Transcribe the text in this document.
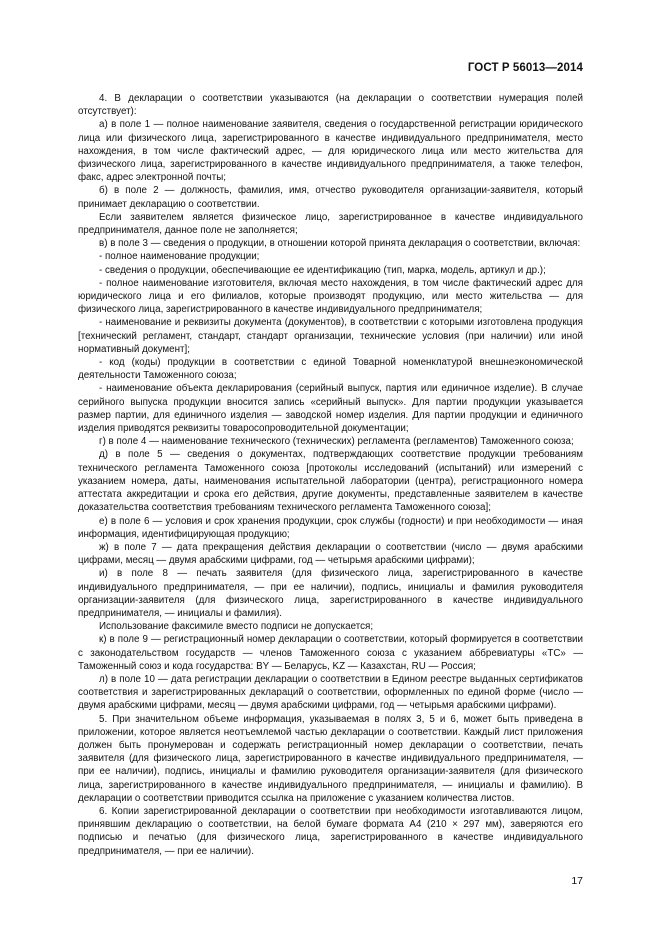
ГОСТ Р 56013—2014

4. В декларации о соответствии указываются (на декларации о соответствии нумерация полей отсутствует):

а) в поле 1 — полное наименование заявителя, сведения о государственной регистрации юридического лица или физического лица, зарегистрированного в качестве индивидуального предпринимателя, место нахождения, в том числе фактический адрес, — для юридического лица или место жительства для физического лица, зарегистрированного в качестве индивидуального предпринимателя, а также телефон, факс, адрес электронной почты;

б) в поле 2 — должность, фамилия, имя, отчество руководителя организации-заявителя, который принимает декларацию о соответствии.

Если заявителем является физическое лицо, зарегистрированное в качестве индивидуального предпринимателя, данное поле не заполняется;

в) в поле 3 — сведения о продукции, в отношении которой принята декларация о соответствии, включая:

- полное наименование продукции;

- сведения о продукции, обеспечивающие ее идентификацию (тип, марка, модель, артикул и др.);

- полное наименование изготовителя, включая место нахождения, в том числе фактический адрес для юридического лица и его филиалов, которые производят продукцию, или место жительства — для физического лица, зарегистрированного в качестве индивидуального предпринимателя;

- наименование и реквизиты документа (документов), в соответствии с которыми изготовлена продукция [технический регламент, стандарт, стандарт организации, технические условия (при наличии) или иной нормативный документ];

- код (коды) продукции в соответствии с единой Товарной номенклатурой внешнеэкономической деятельности Таможенного союза;

- наименование объекта декларирования (серийный выпуск, партия или единичное изделие). В случае серийного выпуска продукции вносится запись «серийный выпуск». Для партии продукции указывается размер партии, для единичного изделия — заводской номер изделия. Для партии продукции и единичного изделия приводятся реквизиты товаросопроводительной документации;

г) в поле 4 — наименование технического (технических) регламента (регламентов) Таможенного союза;

д) в поле 5 — сведения о документах, подтверждающих соответствие продукции требованиям технического регламента Таможенного союза [протоколы исследований (испытаний) или измерений с указанием номера, даты, наименования испытательной лаборатории (центра), регистрационного номера аттестата аккредитации и срока его действия, другие документы, представленные заявителем в качестве доказательства соответствия требованиям технического регламента Таможенного союза];

е) в поле 6 — условия и срок хранения продукции, срок службы (годности) и при необходимости — иная информация, идентифицирующая продукцию;

ж) в поле 7 — дата прекращения действия декларации о соответствии (число — двумя арабскими цифрами, месяц — двумя арабскими цифрами, год — четырьмя арабскими цифрами);

и) в поле 8 — печать заявителя (для физического лица, зарегистрированного в качестве индивидуального предпринимателя, — при ее наличии), подпись, инициалы и фамилия руководителя организации-заявителя (для физического лица, зарегистрированного в качестве индивидуального предпринимателя, — инициалы и фамилия).

Использование факсимиле вместо подписи не допускается;

к) в поле 9 — регистрационный номер декларации о соответствии, который формируется в соответствии с законодательством государств — членов Таможенного союза с указанием аббревиатуры «ТС» — Таможенный союз и кода государства: BY — Беларусь, KZ — Казахстан, RU — Россия;

л) в поле 10 — дата регистрации декларации о соответствии в Едином реестре выданных сертификатов соответствия и зарегистрированных деклараций о соответствии, оформленных по единой форме (число — двумя арабскими цифрами, месяц — двумя арабскими цифрами, год — четырьмя арабскими цифрами).

5. При значительном объеме информация, указываемая в полях 3, 5 и 6, может быть приведена в приложении, которое является неотъемлемой частью декларации о соответствии. Каждый лист приложения должен быть пронумерован и содержать регистрационный номер декларации о соответствии, печать заявителя (для физического лица, зарегистрированного в качестве индивидуального предпринимателя, — при ее наличии), подпись, инициалы и фамилию руководителя организации-заявителя (для физического лица, зарегистрированного в качестве индивидуального предпринимателя, — инициалы и фамилию). В декларации о соответствии приводится ссылка на приложение с указанием количества листов.

6. Копии зарегистрированной декларации о соответствии при необходимости изготавливаются лицом, принявшим декларацию о соответствии, на белой бумаге формата А4 (210 × 297 мм), заверяются его подписью и печатью (для физического лица, зарегистрированного в качестве индивидуального предпринимателя, — при ее наличии).

17
